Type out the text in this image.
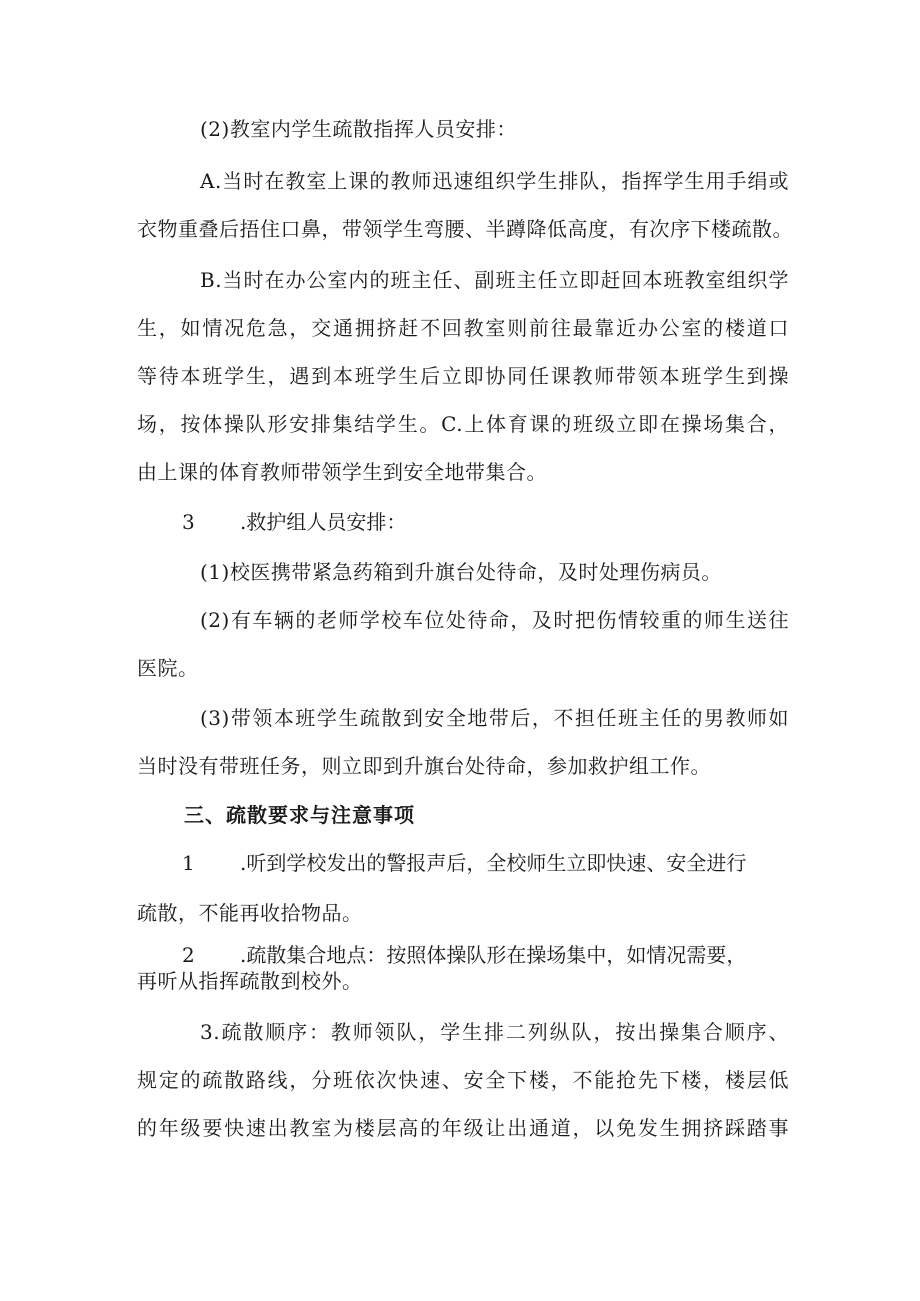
(2)教室内学生疏散指挥人员安排：
A.当时在教室上课的教师迅速组织学生排队，指挥学生用手绢或
衣物重叠后捂住口鼻，带领学生弯腰、半蹲降低高度，有次序下楼疏散。
B.当时在办公室内的班主任、副班主任立即赶回本班教室组织学
生，如情况危急，交通拥挤赶不回教室则前往最靠近办公室的楼道口
等待本班学生，遇到本班学生后立即协同任课教师带领本班学生到操
场，按体操队形安排集结学生。C.上体育课的班级立即在操场集合，
由上课的体育教师带领学生到安全地带集合。
3 .救护组人员安排：
(1)校医携带紧急药箱到升旗台处待命，及时处理伤病员。
(2)有车辆的老师学校车位处待命，及时把伤情较重的师生送往
医院。
(3)带领本班学生疏散到安全地带后，不担任班主任的男教师如
当时没有带班任务，则立即到升旗台处待命，参加救护组工作。
三、疏散要求与注意事项
1 .听到学校发出的警报声后，全校师生立即快速、安全进行
疏散，不能再收拾物品。
2 .疏散集合地点：按照体操队形在操场集中，如情况需要，
再听从指挥疏散到校外。
3.疏散顺序：教师领队，学生排二列纵队，按出操集合顺序、
规定的疏散路线，分班依次快速、安全下楼，不能抢先下楼，楼层低
的年级要快速出教室为楼层高的年级让出通道，以免发生拥挤踩踏事
